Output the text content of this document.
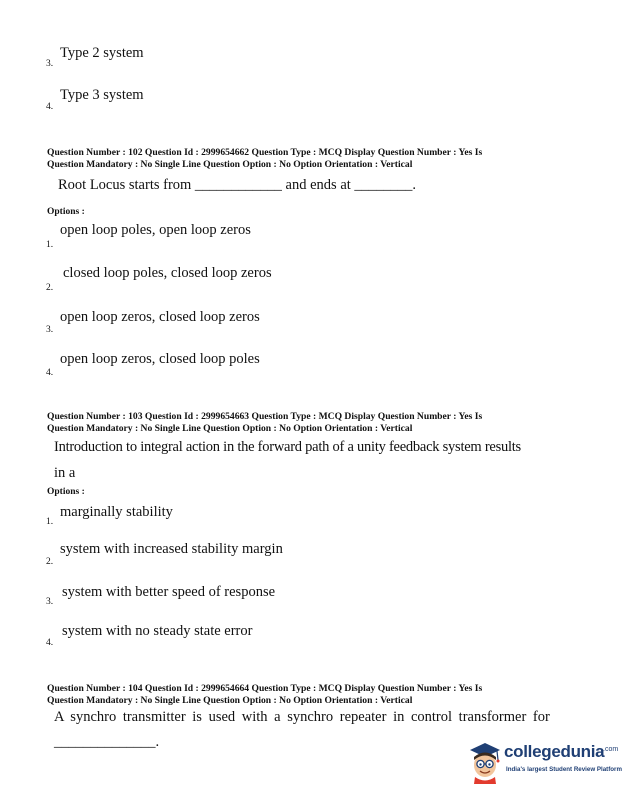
3.
Type 2 system
4.
Type 3 system
Question Number : 102 Question Id : 2999654662 Question Type : MCQ Display Question Number : Yes Is
Question Mandatory : No Single Line Question Option : No Option Orientation : Vertical
Root Locus starts from ____________ and ends at ________.
Options :
1.
open loop poles, open loop zeros
2.
closed loop poles, closed loop zeros
3.
open loop zeros, closed loop zeros
4.
open loop zeros, closed loop poles
Question Number : 103 Question Id : 2999654663 Question Type : MCQ Display Question Number : Yes Is
Question Mandatory : No Single Line Question Option : No Option Orientation : Vertical
Introduction to integral action in the forward path of a unity feedback system results
in a
Options :
1.
marginally stability
2.
system with increased stability margin
3.
system with better speed of response
4.
system with no steady state error
Question Number : 104 Question Id : 2999654664 Question Type : MCQ Display Question Number : Yes Is
Question Mandatory : No Single Line Question Option : No Option Orientation : Vertical
A synchro transmitter is used with a synchro repeater in control transformer for
______________.	collegedunia
.com
India's largest Student Review Platform
